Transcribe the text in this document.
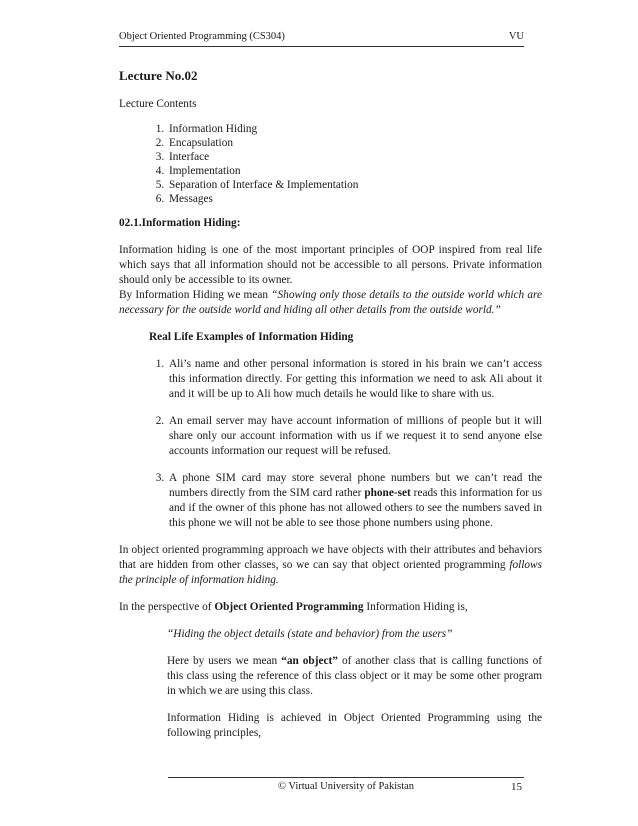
Object Oriented Programming (CS304)	VU
Lecture No.02
Lecture Contents
1. Information Hiding
2. Encapsulation
3. Interface
4. Implementation
5. Separation of Interface & Implementation
6. Messages
02.1.Information Hiding:

Information hiding is one of the most important principles of OOP inspired from real life which says that all information should not be accessible to all persons. Private information should only be accessible to its owner.

By Information Hiding we mean “Showing only those details to the outside world which are necessary for the outside world and hiding all other details from the outside world.”

Real Life Examples of Information Hiding
1. Ali’s name and other personal information is stored in his brain we can’t access this information directly. For getting this information we need to ask Ali about it and it will be up to Ali how much details he would like to share with us.
2. An email server may have account information of millions of people but it will share only our account information with us if we request it to send anyone else accounts information our request will be refused.
3. A phone SIM card may store several phone numbers but we can’t read the numbers directly from the SIM card rather phone-set reads this information for us and if the owner of this phone has not allowed others to see the numbers saved in this phone we will not be able to see those phone numbers using phone.

In object oriented programming approach we have objects with their attributes and behaviors that are hidden from other classes, so we can say that object oriented programming follows the principle of information hiding.

In the perspective of Object Oriented Programming Information Hiding is,

“Hiding the object details (state and behavior) from the users”

Here by users we mean “an object” of another class that is calling functions of this class using the reference of this class object or it may be some other program in which we are using this class.

Information Hiding is achieved in Object Oriented Programming using the following principles,

© Virtual University of Pakistan	15
